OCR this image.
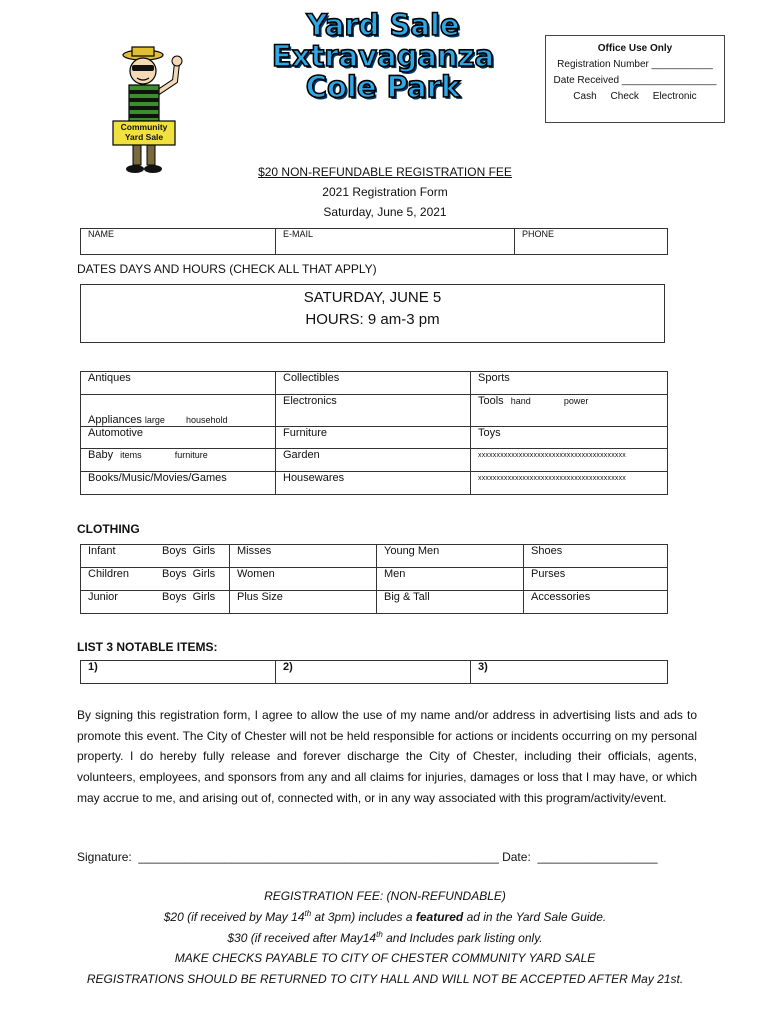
Community
Yard Sale
Yard Sale
Extravaganza
Cole Park
Office Use Only
Registration Number ___________
Date Received _________________
Cash     Check     Electronic
$20 NON-REFUNDABLE REGISTRATION FEE
2021 Registration Form
Saturday, June 5, 2021
NAME	E-MAIL	PHONE
DATES DAYS AND HOURS (CHECK ALL THAT APPLY)
SATURDAY, JUNE 5
HOURS: 9 am-3 pm
Antiques	Collectibles	Sports
Appliances large household	Electronics	Tools hand power
Automotive	Furniture	Toys
Baby items furniture	Garden	xxxxxxxxxxxxxxxxxxxxxxxxxxxxxxxxxxxxxxxx
Books/Music/Movies/Games	Housewares	xxxxxxxxxxxxxxxxxxxxxxxxxxxxxxxxxxxxxxxx
CLOTHING
Infant	Boys  Girls	Misses	Young Men	Shoes
Children	Boys  Girls	Women	Men	Purses
Junior	Boys  Girls	Plus Size	Big & Tall	Accessories
LIST 3 NOTABLE ITEMS:
1)	2)	3)
By signing this registration form, I agree to allow the use of my name and/or address in advertising lists and ads to promote this event. The City of Chester will not be held responsible for actions or incidents occurring on my personal property. I do hereby fully release and forever discharge the City of Chester, including their officials, agents, volunteers, employees, and sponsors from any and all claims for injuries, damages or loss that I may have, or which may accrue to me, and arising out of, connected with, or in any way associated with this program/activity/event.
Signature:  ______________________________________________________ Date:  __________________
REGISTRATION FEE: (NON-REFUNDABLE)
$20 (if received by May 14th at 3pm) includes a featured ad in the Yard Sale Guide.
$30 (if received after May14th and Includes park listing only.
MAKE CHECKS PAYABLE TO CITY OF CHESTER COMMUNITY YARD SALE
REGISTRATIONS SHOULD BE RETURNED TO CITY HALL AND WILL NOT BE ACCEPTED AFTER May 21st.
